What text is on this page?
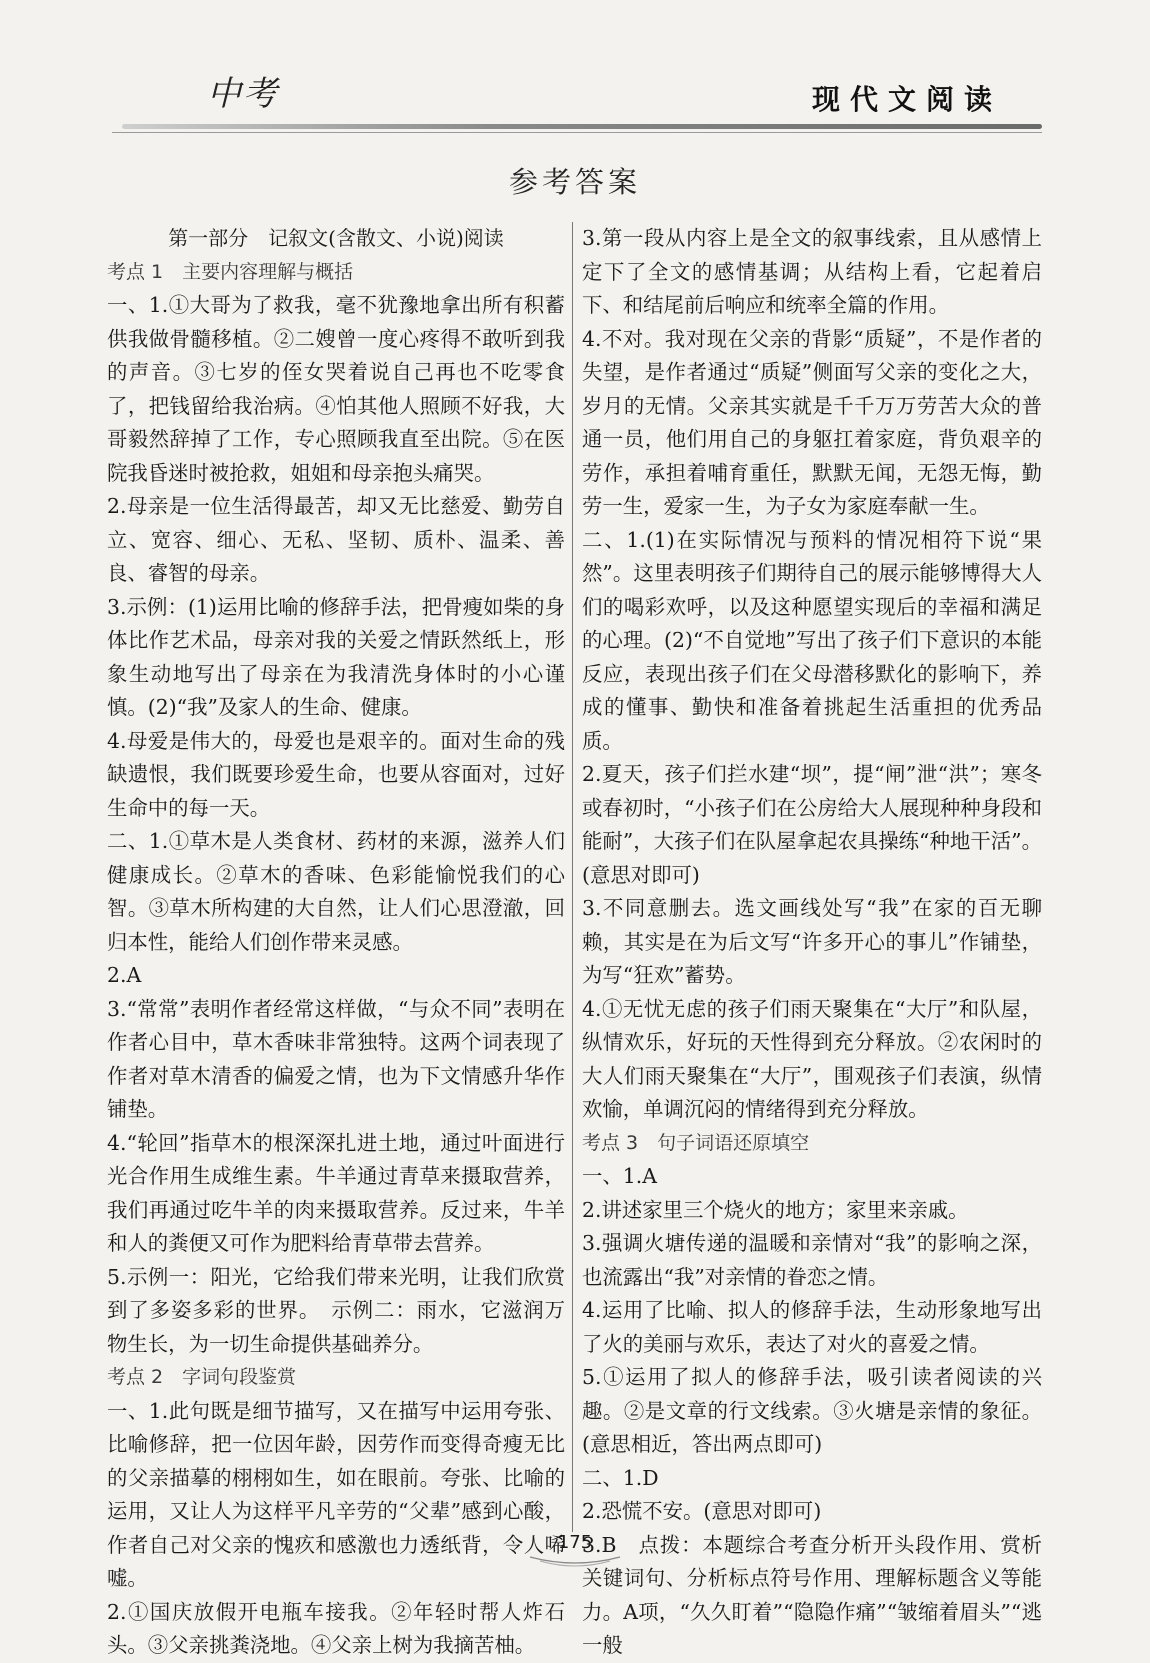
中考	现代文阅读
参考答案

第一部分　记叙文(含散文、小说)阅读

考点 1　主要内容理解与概括

一、1.①大哥为了救我，毫不犹豫地拿出所有积蓄供我做骨髓移植。②二嫂曾一度心疼得不敢听到我的声音。③七岁的侄女哭着说自己再也不吃零食了，把钱留给我治病。④怕其他人照顾不好我，大哥毅然辞掉了工作，专心照顾我直至出院。⑤在医院我昏迷时被抢救，姐姐和母亲抱头痛哭。

2.母亲是一位生活得最苦，却又无比慈爱、勤劳自立、宽容、细心、无私、坚韧、质朴、温柔、善良、睿智的母亲。

3.示例：(1)运用比喻的修辞手法，把骨瘦如柴的身体比作艺术品，母亲对我的关爱之情跃然纸上，形象生动地写出了母亲在为我清洗身体时的小心谨慎。(2)“我”及家人的生命、健康。

4.母爱是伟大的，母爱也是艰辛的。面对生命的残缺遗恨，我们既要珍爱生命，也要从容面对，过好生命中的每一天。

二、1.①草木是人类食材、药材的来源，滋养人们健康成长。②草木的香味、色彩能愉悦我们的心智。③草木所构建的大自然，让人们心思澄澈，回归本性，能给人们创作带来灵感。

2.A

3.“常常”表明作者经常这样做，“与众不同”表明在作者心目中，草木香味非常独特。这两个词表现了作者对草木清香的偏爱之情，也为下文情感升华作铺垫。

4.“轮回”指草木的根深深扎进土地，通过叶面进行光合作用生成维生素。牛羊通过青草来摄取营养，我们再通过吃牛羊的肉来摄取营养。反过来，牛羊和人的粪便又可作为肥料给青草带去营养。

5.示例一：阳光，它给我们带来光明，让我们欣赏到了多姿多彩的世界。　示例二：雨水，它滋润万物生长，为一切生命提供基础养分。

考点 2　字词句段鉴赏

一、1.此句既是细节描写，又在描写中运用夸张、比喻修辞，把一位因年龄，因劳作而变得奇瘦无比的父亲描摹的栩栩如生，如在眼前。夸张、比喻的运用，又让人为这样平凡辛劳的“父辈”感到心酸，作者自己对父亲的愧疚和感激也力透纸背，令人唏嘘。

2.①国庆放假开电瓶车接我。②年轻时帮人炸石头。③父亲挑粪浇地。④父亲上树为我摘苦柚。

3.第一段从内容上是全文的叙事线索，且从感情上定下了全文的感情基调；从结构上看，它起着启下、和结尾前后响应和统率全篇的作用。

4.不对。我对现在父亲的背影“质疑”，不是作者的失望，是作者通过“质疑”侧面写父亲的变化之大，岁月的无情。父亲其实就是千千万万劳苦大众的普通一员，他们用自己的身躯扛着家庭，背负艰辛的劳作，承担着哺育重任，默默无闻，无怨无悔，勤劳一生，爱家一生，为子女为家庭奉献一生。

二、1.(1)在实际情况与预料的情况相符下说“果然”。这里表明孩子们期待自己的展示能够博得大人们的喝彩欢呼，以及这种愿望实现后的幸福和满足的心理。(2)“不自觉地”写出了孩子们下意识的本能反应，表现出孩子们在父母潜移默化的影响下，养成的懂事、勤快和准备着挑起生活重担的优秀品质。

2.夏天，孩子们拦水建“坝”，提“闸”泄“洪”；寒冬或春初时，“小孩子们在公房给大人展现种种身段和能耐”，大孩子们在队屋拿起农具操练“种地干活”。(意思对即可)

3.不同意删去。选文画线处写“我”在家的百无聊赖，其实是在为后文写“许多开心的事儿”作铺垫，为写“狂欢”蓄势。

4.①无忧无虑的孩子们雨天聚集在“大厅”和队屋，纵情欢乐，好玩的天性得到充分释放。②农闲时的大人们雨天聚集在“大厅”，围观孩子们表演，纵情欢愉，单调沉闷的情绪得到充分释放。

考点 3　句子词语还原填空

一、1.A

2.讲述家里三个烧火的地方；家里来亲戚。

3.强调火塘传递的温暖和亲情对“我”的影响之深，也流露出“我”对亲情的眷恋之情。

4.运用了比喻、拟人的修辞手法，生动形象地写出了火的美丽与欢乐，表达了对火的喜爱之情。

5.①运用了拟人的修辞手法，吸引读者阅读的兴趣。②是文章的行文线索。③火塘是亲情的象征。(意思相近，答出两点即可)

二、1.D

2.恐慌不安。(意思对即可)

3.B　点拨：本题综合考查分析开头段作用、赏析关键词句、分析标点符号作用、理解标题含义等能力。A项，“久久盯着”“隐隐作痛”“皱缩着眉头”“逃一般

175
